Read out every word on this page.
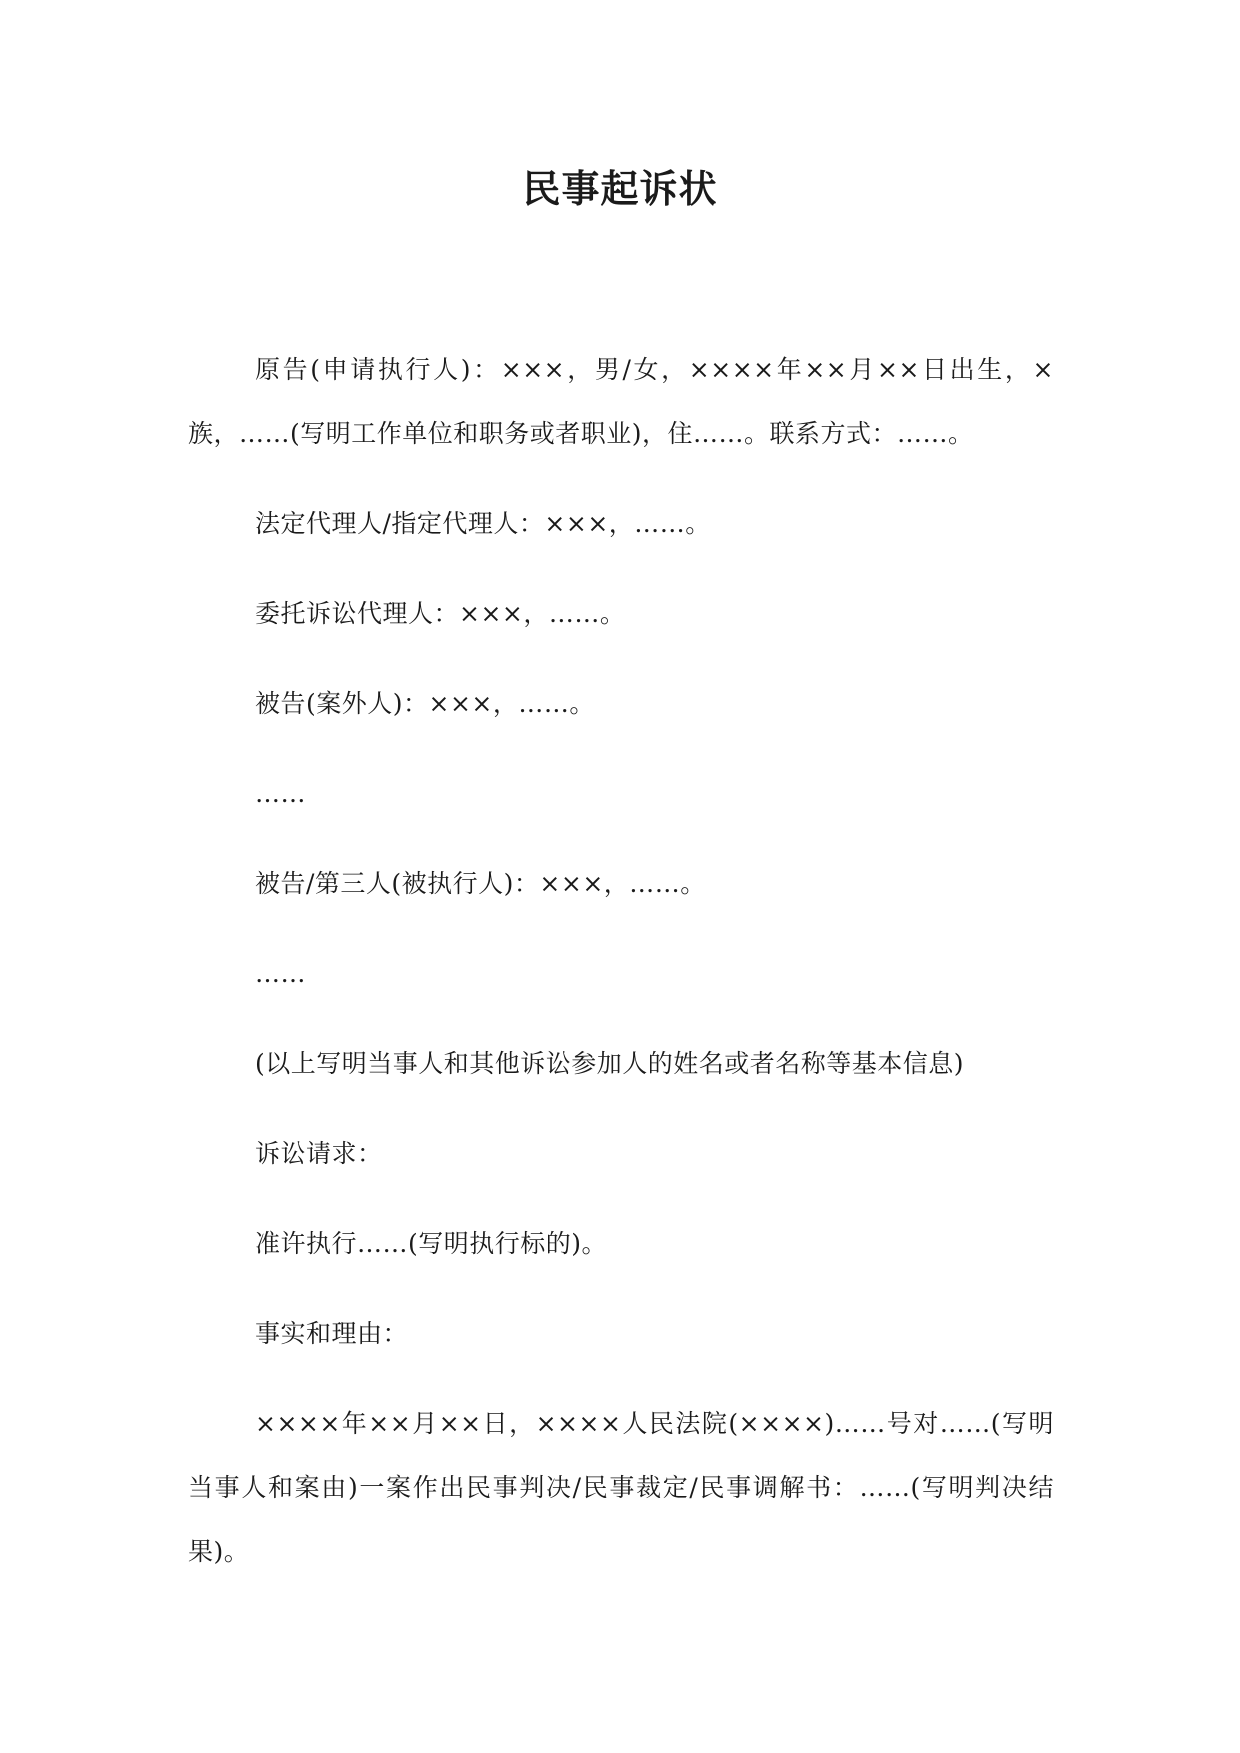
民事起诉状

原告(申请执行人)：×××，男/女，××××年××月××日出生，×族，……(写明工作单位和职务或者职业)，住……。联系方式：……。

法定代理人/指定代理人：×××，……。

委托诉讼代理人：×××，……。

被告(案外人)：×××，……。

……

被告/第三人(被执行人)：×××，……。

……

(以上写明当事人和其他诉讼参加人的姓名或者名称等基本信息)

诉讼请求：

准许执行……(写明执行标的)。

事实和理由：

××××年××月××日，××××人民法院(××××)……号对……(写明当事人和案由)一案作出民事判决/民事裁定/民事调解书：……(写明判决结果)。
